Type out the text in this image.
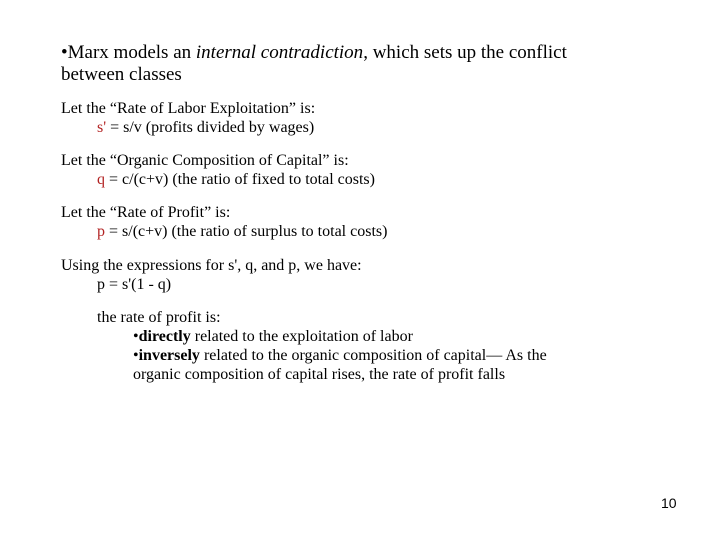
•Marx models an internal contradiction, which sets up the conflict
between classes
Let the “Rate of Labor Exploitation” is:
s' = s/v (profits divided by wages)
Let the “Organic Composition of Capital” is:
q = c/(c+v) (the ratio of fixed to total costs)
Let the “Rate of Profit” is:
p = s/(c+v) (the ratio of surplus to total costs)
Using the expressions for s', q, and p, we have:
p = s'(1 - q)
the rate of profit is:
•directly related to the exploitation of labor
•inversely related to the organic composition of capital— As the
organic composition of capital rises, the rate of profit falls
10
